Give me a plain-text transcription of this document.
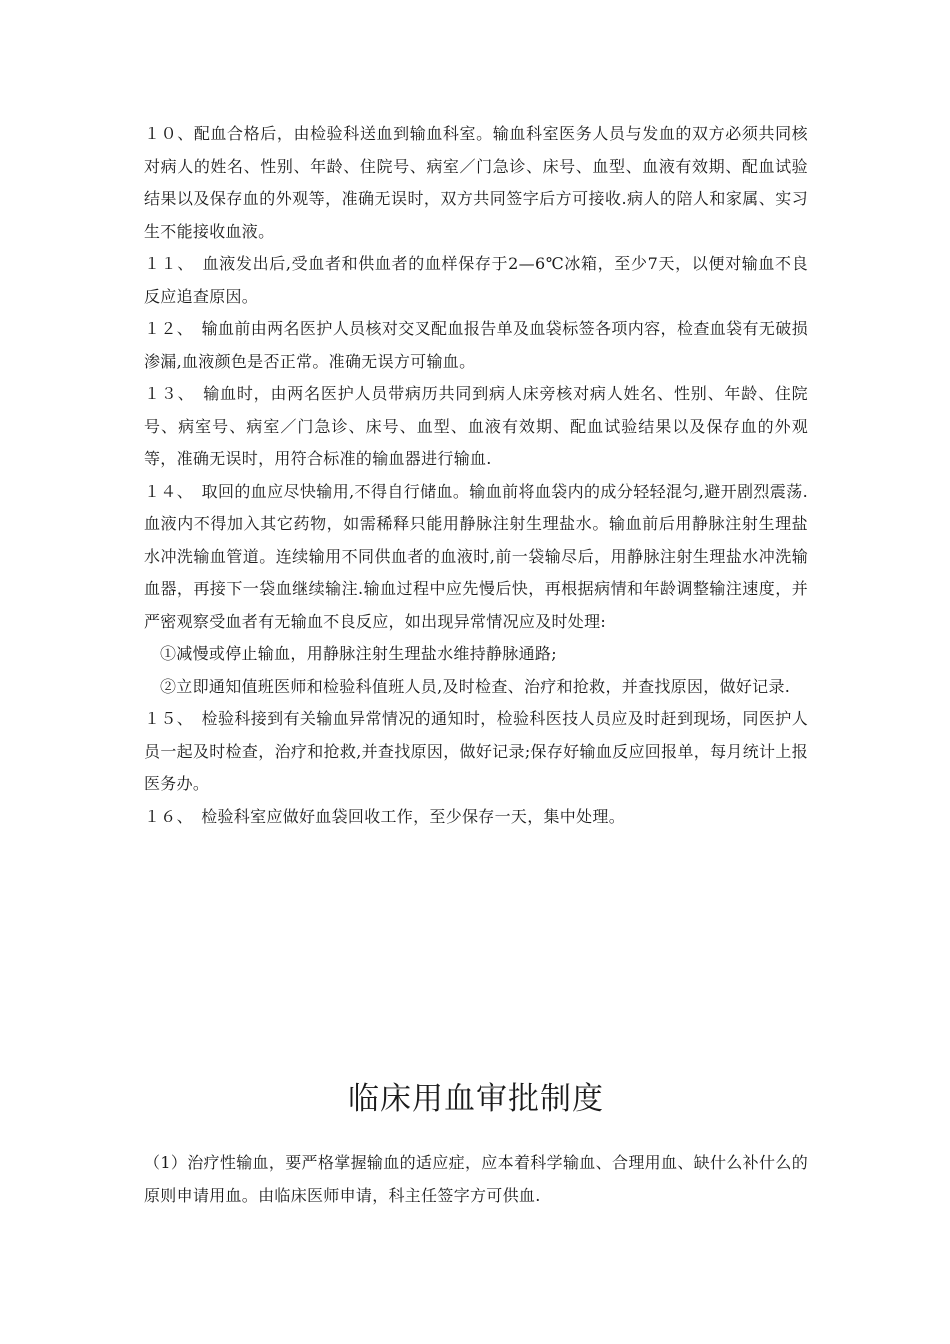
１０、配血合格后，由检验科送血到输血科室。输血科室医务人员与发血的双方必须共同核对病人的姓名、性别、年龄、住院号、病室／门急诊、床号、血型、血液有效期、配血试验结果以及保存血的外观等，准确无误时，双方共同签字后方可接收.病人的陪人和家属、实习生不能接收血液。

１１、　血液发出后,受血者和供血者的血样保存于2—6℃冰箱，至少7天，以便对输血不良反应追查原因。

１２、　输血前由两名医护人员核对交叉配血报告单及血袋标签各项内容，检查血袋有无破损渗漏,血液颜色是否正常。准确无误方可输血。

１３、　输血时，由两名医护人员带病历共同到病人床旁核对病人姓名、性别、年龄、住院号、病室号、病室／门急诊、床号、血型、血液有效期、配血试验结果以及保存血的外观等，准确无误时，用符合标准的输血器进行输血.

１４、　取回的血应尽快输用,不得自行储血。输血前将血袋内的成分轻轻混匀,避开剧烈震荡.血液内不得加入其它药物，如需稀释只能用静脉注射生理盐水。输血前后用静脉注射生理盐水冲洗输血管道。连续输用不同供血者的血液时,前一袋输尽后，用静脉注射生理盐水冲洗输血器，再接下一袋血继续输注.输血过程中应先慢后快，再根据病情和年龄调整输注速度，并严密观察受血者有无输血不良反应，如出现异常情况应及时处理:

①减慢或停止输血，用静脉注射生理盐水维持静脉通路;

②立即通知值班医师和检验科值班人员,及时检查、治疗和抢救，并查找原因，做好记录.

１５、　检验科接到有关输血异常情况的通知时，检验科医技人员应及时赶到现场，同医护人员一起及时检查，治疗和抢救,并查找原因，做好记录;保存好输血反应回报单，每月统计上报医务办。

１６、　检验科室应做好血袋回收工作，至少保存一天，集中处理。

临床用血审批制度

（1）治疗性输血，要严格掌握输血的适应症，应本着科学输血、合理用血、缺什么补什么的原则申请用血。由临床医师申请，科主任签字方可供血.
